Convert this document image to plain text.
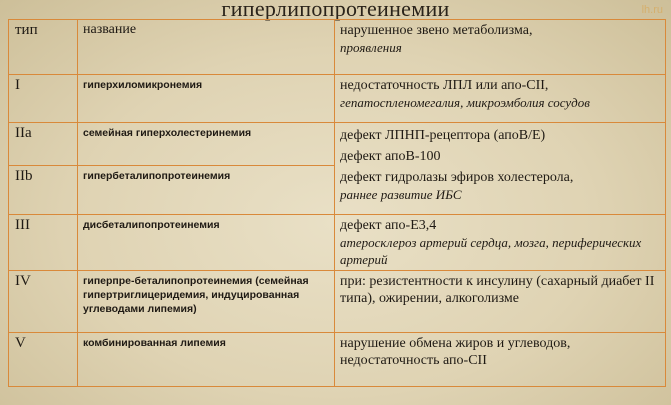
гиперлипопротеинемии	lh.ru
тип	название	нарушенное звено метаболизма,
проявления

I	гиперхиломикронемия	недостаточность ЛПЛ или апо-CII,
гепатоспленомегалия, микроэмболия сосудов

IIa	семейная гиперхолестеринемия	дефект ЛПНП-рецептора (апоВ/Е)
дефект апоВ-100
дефект гидролазы эфиров холестерола,
раннее развитие ИБС

IIb	гипербеталипопротеинемия	
III	дисбеталипопротеинемия	дефект апо-Е3,4
атеросклероз артерий сердца, мозга, периферических артерий

IV	гиперпре-беталипопротеинемия (семейная гипертриглицеридемия, индуцированная углеводами липемия)	при: резистентности к инсулину (сахарный диабет II типа), ожирении, алкоголизме

V	комбинированная липемия	нарушение обмена жиров и углеводов, недостаточность апо-CII
